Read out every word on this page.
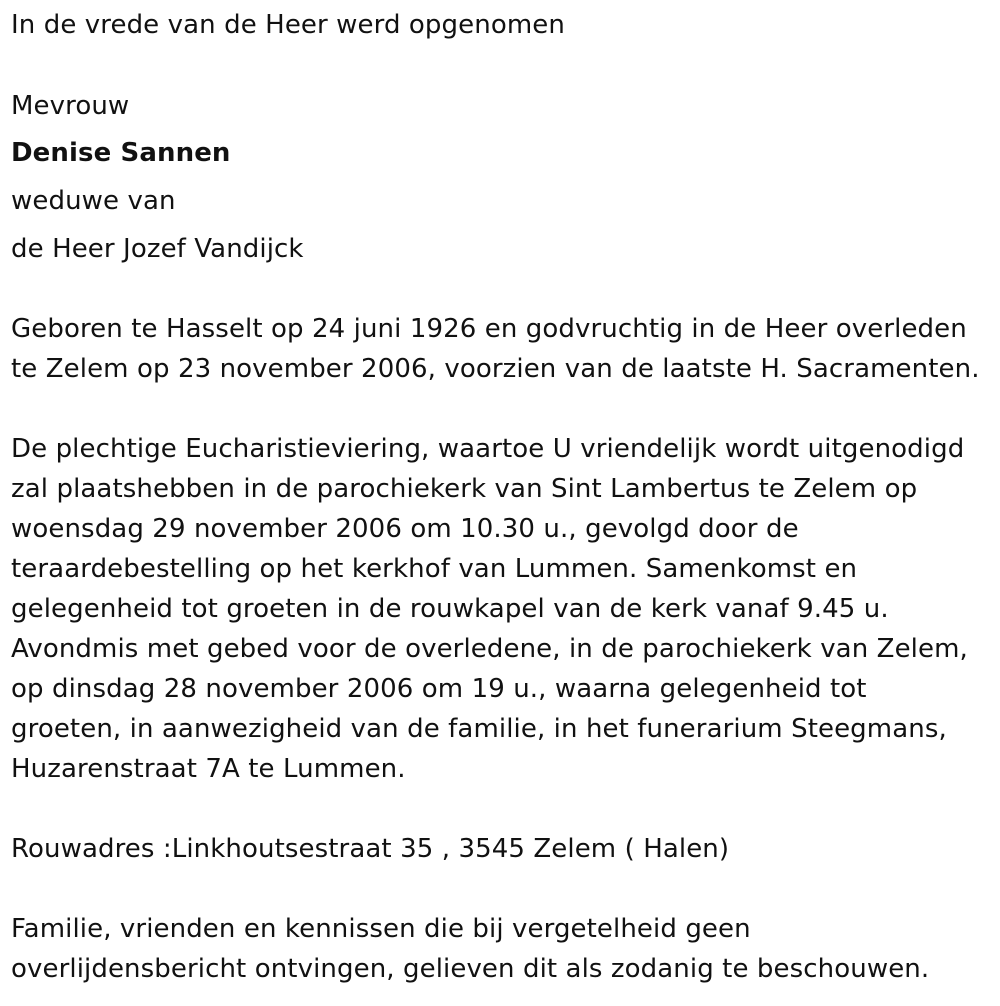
In de vrede van de Heer werd opgenomen

Mevrouw

Denise Sannen

weduwe van

de Heer Jozef Vandijck

Geboren te Hasselt op 24 juni 1926 en godvruchtig in de Heer overleden

te Zelem op 23 november 2006, voorzien van de laatste H. Sacramenten.

De plechtige Eucharistieviering, waartoe U vriendelijk wordt uitgenodigd

zal plaatshebben in de parochiekerk van Sint Lambertus te Zelem op

woensdag 29 november 2006 om 10.30 u., gevolgd door de

teraardebestelling op het kerkhof van Lummen. Samenkomst en

gelegenheid tot groeten in de rouwkapel van de kerk vanaf 9.45 u.

Avondmis met gebed voor de overledene, in de parochiekerk van Zelem,

op dinsdag 28 november 2006 om 19 u., waarna gelegenheid tot

groeten, in aanwezigheid van de familie, in het funerarium Steegmans,

Huzarenstraat 7A te Lummen.

Rouwadres :Linkhoutsestraat 35 , 3545 Zelem ( Halen)

Familie, vrienden en kennissen die bij vergetelheid geen

overlijdensbericht ontvingen, gelieven dit als zodanig te beschouwen.
